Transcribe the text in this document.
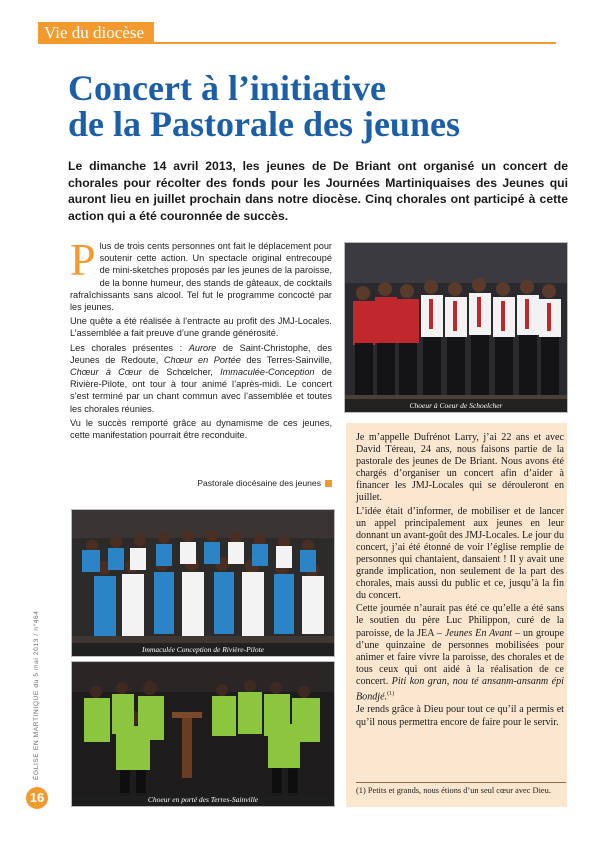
Vie du diocèse
Concert à l’initiative
de la Pastorale des jeunes

Le dimanche 14 avril 2013, les jeunes de De Briant ont organisé un concert de chorales pour récolter des fonds pour les Journées Martiniquaises des Jeunes qui auront lieu en juillet prochain dans notre diocèse. Cinq chorales ont participé à cette action qui a été couronnée de succès.

Plus de trois cents personnes ont fait le déplacement pour soutenir cette action. Un spectacle original entrecoupé de mini-sketches proposés par les jeunes de la paroisse, de la bonne humeur, des stands de gâteaux, de cocktails rafraîchissants sans alcool. Tel fut le programme concocté par les jeunes.

Une quête a été réalisée à l’entracte au profit des JMJ-Locales. L’assemblée a fait preuve d’une grande générosité.

Les chorales présentes : Aurore de Saint-Christophe, des Jeunes de Redoute, Chœur en Portée des Terres-Sainville, Chœur à Cœur de Schœlcher, Immaculée-Conception de Rivière-Pilote, ont tour à tour animé l’après-midi. Le concert s’est terminé par un chant commun avec l’assemblée et toutes les chorales réunies.

Vu le succès remporté grâce au dynamisme de ces jeunes, cette manifestation pourrait être reconduite.

Pastorale diocésaine des jeunes
Choeur à Coeur de Schoelcher
Immaculée Conception de Rivière-Pilote
Choeur en porté des Terres-Sainville

Je m’appelle Dufrénot Larry, j’ai 22 ans et avec David Téreau, 24 ans, nous faisons partie de la pastorale des jeunes de De Briant. Nous avons été chargés d’organiser un concert afin d’aider à financer les JMJ-Locales qui se dérouleront en juillet.

L’idée était d’informer, de mobiliser et de lancer un appel principalement aux jeunes en leur donnant un avant-goût des JMJ-Locales. Le jour du concert, j’ai été étonné de voir l’église remplie de personnes qui chantaient, dansaient ! Il y avait une grande implication, non seulement de la part des chorales, mais aussi du public et ce, jusqu’à la fin du concert.

Cette journée n’aurait pas été ce qu’elle a été sans le soutien du père Luc Philippon, curé de la paroisse, de la JEA – Jeunes En Avant – un groupe d’une quinzaine de personnes mobilisées pour animer et faire vivre la paroisse, des chorales et de tous ceux qui ont aidé à la réalisation de ce concert. Piti kon gran, nou té ansanm-ansanm épi Bondjé.$^{(1)}$

Je rends grâce à Dieu pour tout ce qu’il a permis et qu’il nous permettra encore de faire pour le servir.

(1) Petits et grands, nous étions d’un seul cœur avec Dieu.
ÉGLISE EN MARTINIQUE du 5 mai 2013 / n°464
16
